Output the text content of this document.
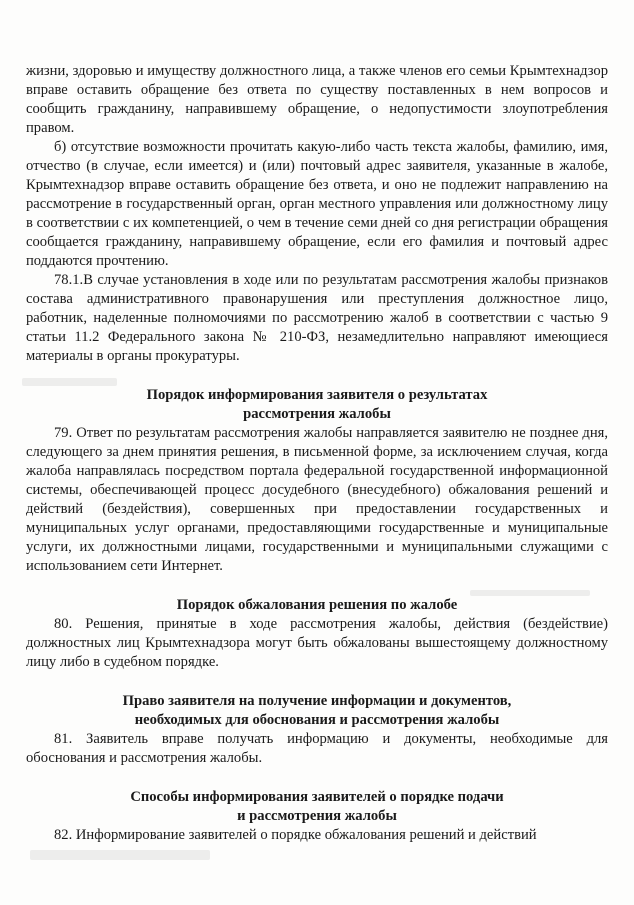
жизни, здоровью и имуществу должностного лица, а также членов его семьи Крымтехнадзор вправе оставить обращение без ответа по существу поставленных в нем вопросов и сообщить гражданину, направившему обращение, о недопустимости злоупотребления правом.

б) отсутствие возможности прочитать какую-либо часть текста жалобы, фамилию, имя, отчество (в случае, если имеется) и (или) почтовый адрес заявителя, указанные в жалобе, Крымтехнадзор вправе оставить обращение без ответа, и оно не подлежит направлению на рассмотрение в государственный орган, орган местного управления или должностному лицу в соответствии с их компетенцией, о чем в течение семи дней со дня регистрации обращения сообщается гражданину, направившему обращение, если его фамилия и почтовый адрес поддаются прочтению.

78.1.В случае установления в ходе или по результатам рассмотрения жалобы признаков состава административного правонарушения или преступления должностное лицо, работник, наделенные полномочиями по рассмотрению жалоб в соответствии с частью 9 статьи 11.2 Федерального закона № 210-ФЗ, незамедлительно направляют имеющиеся материалы в органы прокуратуры.

Порядок информирования заявителя о результатах

рассмотрения жалобы

79. Ответ по результатам рассмотрения жалобы направляется заявителю не позднее дня, следующего за днем принятия решения, в письменной форме, за исключением случая, когда жалоба направлялась посредством портала федеральной государственной информационной системы, обеспечивающей процесс досудебного (внесудебного) обжалования решений и действий (бездействия), совершенных при предоставлении государственных и муниципальных услуг органами, предоставляющими государственные и муниципальные услуги, их должностными лицами, государственными и муниципальными служащими с использованием сети Интернет.

Порядок обжалования решения по жалобе

80. Решения, принятые в ходе рассмотрения жалобы, действия (бездействие) должностных лиц Крымтехнадзора могут быть обжалованы вышестоящему должностному лицу либо в судебном порядке.

Право заявителя на получение информации и документов,

необходимых для обоснования и рассмотрения жалобы

81. Заявитель вправе получать информацию и документы, необходимые для обоснования и рассмотрения жалобы.

Способы информирования заявителей о порядке подачи

и рассмотрения жалобы

82. Информирование заявителей о порядке обжалования решений и действий
